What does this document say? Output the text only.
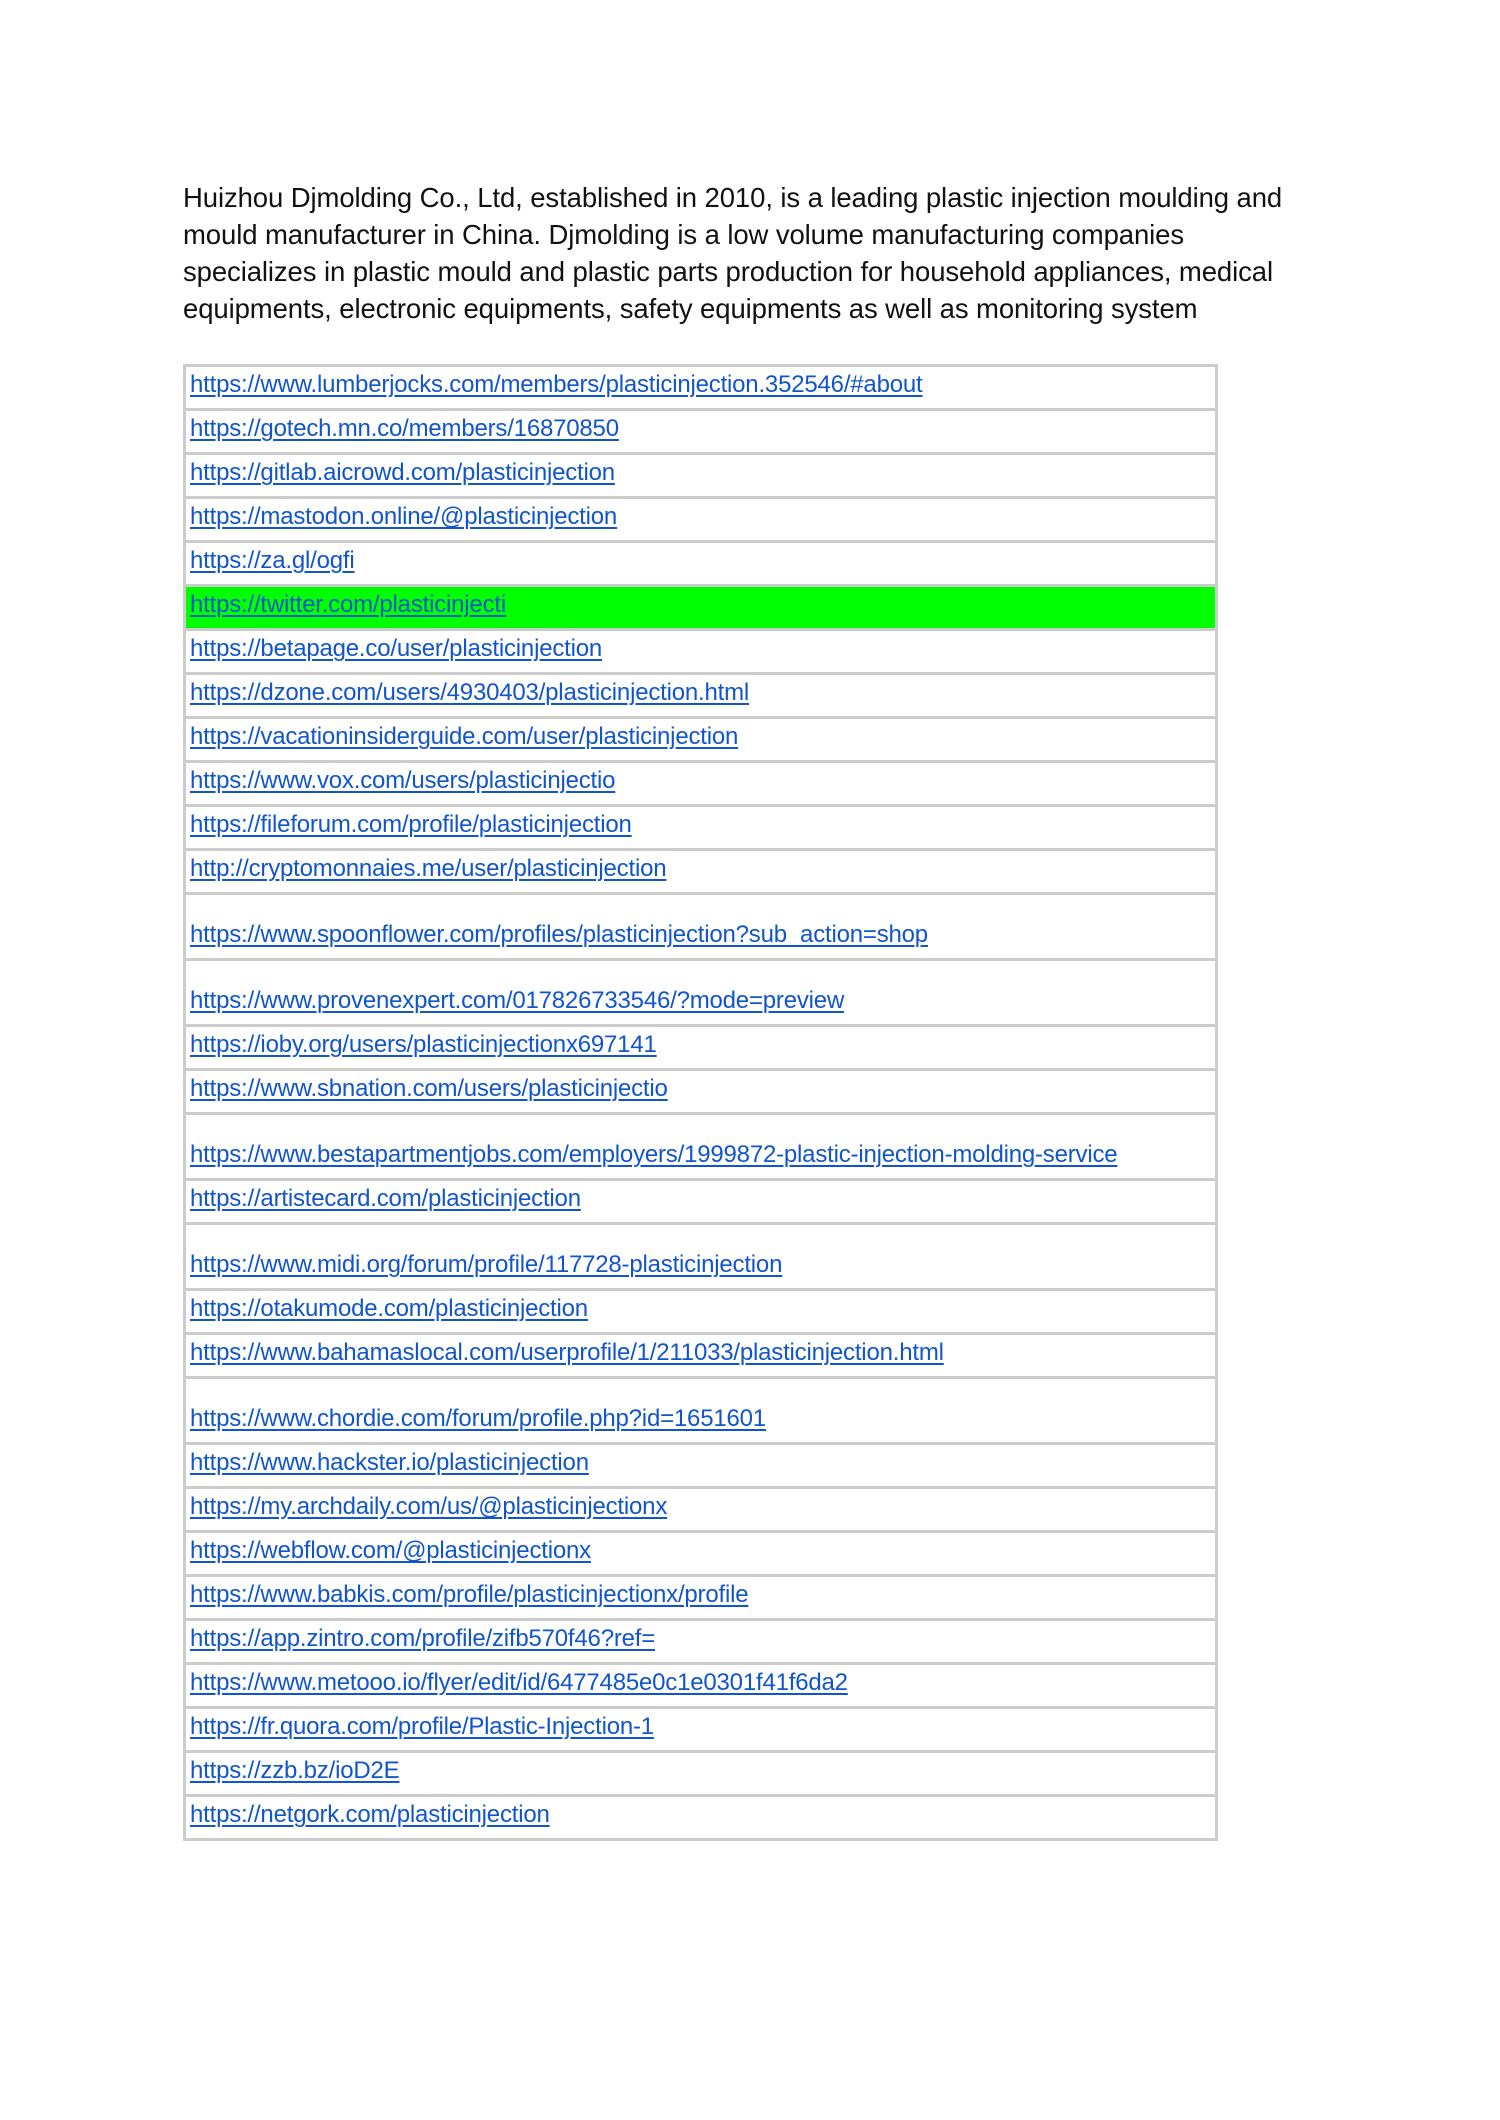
Huizhou Djmolding Co., Ltd, established in 2010, is a leading plastic injection moulding and mould manufacturer in China. Djmolding is a low volume manufacturing companies specializes in plastic mould and plastic parts production for household appliances, medical equipments, electronic equipments, safety equipments as well as monitoring system

https://www.lumberjocks.com/members/plasticinjection.352546/#about
https://gotech.mn.co/members/16870850
https://gitlab.aicrowd.com/plasticinjection
https://mastodon.online/@plasticinjection
https://za.gl/ogfi
https://twitter.com/plasticinjecti
https://betapage.co/user/plasticinjection
https://dzone.com/users/4930403/plasticinjection.html
https://vacationinsiderguide.com/user/plasticinjection
https://www.vox.com/users/plasticinjectio
https://fileforum.com/profile/plasticinjection
http://cryptomonnaies.me/user/plasticinjection
https://www.spoonflower.com/profiles/plasticinjection?sub_action=shop
https://www.provenexpert.com/017826733546/?mode=preview
https://ioby.org/users/plasticinjectionx697141
https://www.sbnation.com/users/plasticinjectio
https://www.bestapartmentjobs.com/employers/1999872-plastic-injection-molding-service
https://artistecard.com/plasticinjection
https://www.midi.org/forum/profile/117728-plasticinjection
https://otakumode.com/plasticinjection
https://www.bahamaslocal.com/userprofile/1/211033/plasticinjection.html
https://www.chordie.com/forum/profile.php?id=1651601
https://www.hackster.io/plasticinjection
https://my.archdaily.com/us/@plasticinjectionx
https://webflow.com/@plasticinjectionx
https://www.babkis.com/profile/plasticinjectionx/profile
https://app.zintro.com/profile/zifb570f46?ref=
https://www.metooo.io/flyer/edit/id/6477485e0c1e0301f41f6da2
https://fr.quora.com/profile/Plastic-Injection-1
https://zzb.bz/ioD2E
https://netgork.com/plasticinjection
